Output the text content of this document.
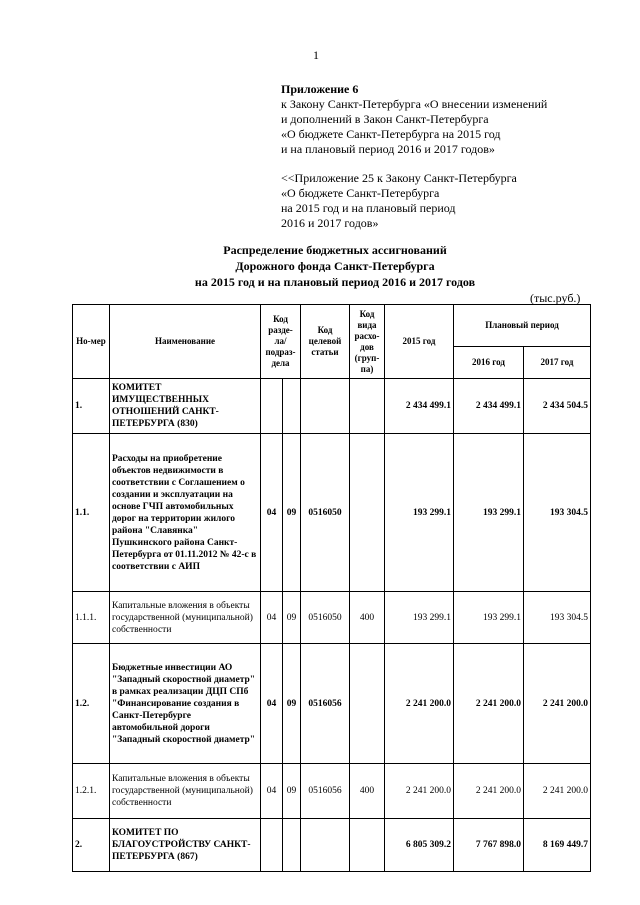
1
Приложение 6
к Закону Санкт-Петербурга «О внесении изменений
и дополнений в Закон Санкт-Петербурга
«О бюджете Санкт-Петербурга на 2015 год
и на плановый период 2016 и 2017 годов»
<<Приложение 25 к Закону Санкт-Петербурга
«О бюджете Санкт-Петербурга
на 2015 год и на плановый период
2016 и 2017 годов»
Распределение бюджетных ассигнований
Дорожного фонда Санкт-Петербурга
на 2015 год и на плановый период 2016 и 2017 годов
(тыс.руб.)
Но-мер	Наименование	Код разде-ла/ подраз-дела		Код целевой статьи	Код вида расхо-дов (груп-па)	2015 год	Плановый период	
							2016 год	2017 год
1.	КОМИТЕТ ИМУЩЕСТВЕННЫХ ОТНОШЕНИЙ САНКТ-ПЕТЕРБУРГА (830)					2 434 499.1	2 434 499.1	2 434 504.5
1.1.	Расходы на приобретение объектов недвижимости в соответствии с Соглашением о создании и эксплуатации на основе ГЧП автомобильных дорог на территории жилого района "Славянка" Пушкинского района Санкт-Петербурга от 01.11.2012 № 42-с в соответствии с АИП	04	09	0516050		193 299.1	193 299.1	193 304.5
1.1.1.	Капитальные вложения в объекты государственной (муниципальной) собственности	04	09	0516050	400	193 299.1	193 299.1	193 304.5
1.2.	Бюджетные инвестиции АО "Западный скоростной диаметр" в рамках реализации ДЦП СПб "Финансирование создания в Санкт-Петербурге автомобильной дороги "Западный скоростной диаметр"	04	09	0516056		2 241 200.0	2 241 200.0	2 241 200.0
1.2.1.	Капитальные вложения в объекты государственной (муниципальной) собственности	04	09	0516056	400	2 241 200.0	2 241 200.0	2 241 200.0
2.	КОМИТЕТ ПО БЛАГОУСТРОЙСТВУ САНКТ-ПЕТЕРБУРГА (867)					6 805 309.2	7 767 898.0	8 169 449.7
